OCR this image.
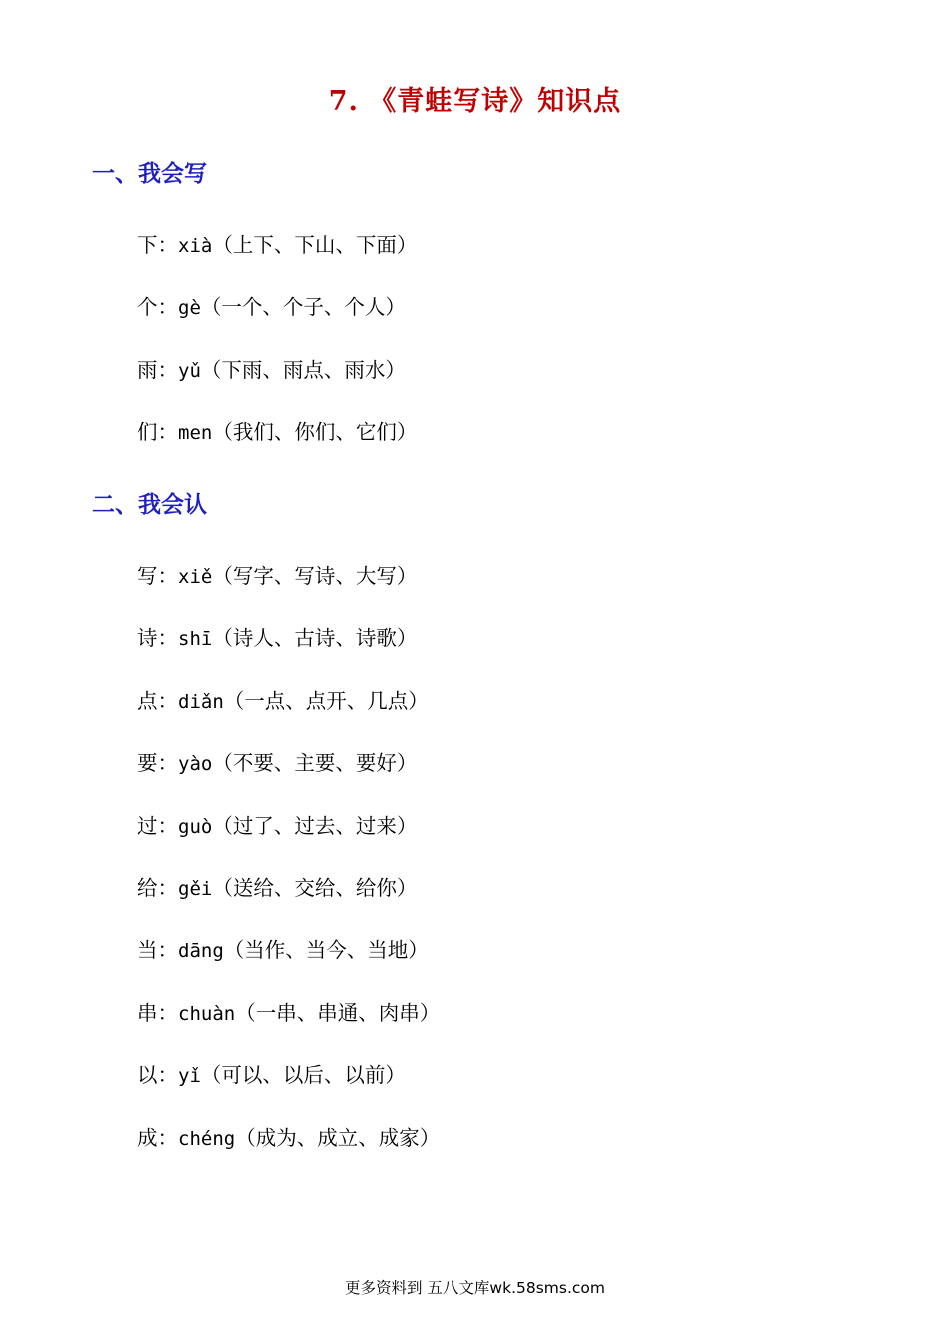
7. 《青蛙写诗》知识点
一、我会写
下：xià（上下、下山、下面）
个：gè（一个、个子、个人）
雨：yǔ（下雨、雨点、雨水）
们：men（我们、你们、它们）
二、我会认
写：xiě（写字、写诗、大写）
诗：shī（诗人、古诗、诗歌）
点：diǎn（一点、点开、几点）
要：yào（不要、主要、要好）
过：guò（过了、过去、过来）
给：gěi（送给、交给、给你）
当：dāng（当作、当今、当地）
串：chuàn（一串、串通、肉串）
以：yǐ（可以、以后、以前）
成：chéng（成为、成立、成家）
更多资料到 五八文库wk.58sms.com
